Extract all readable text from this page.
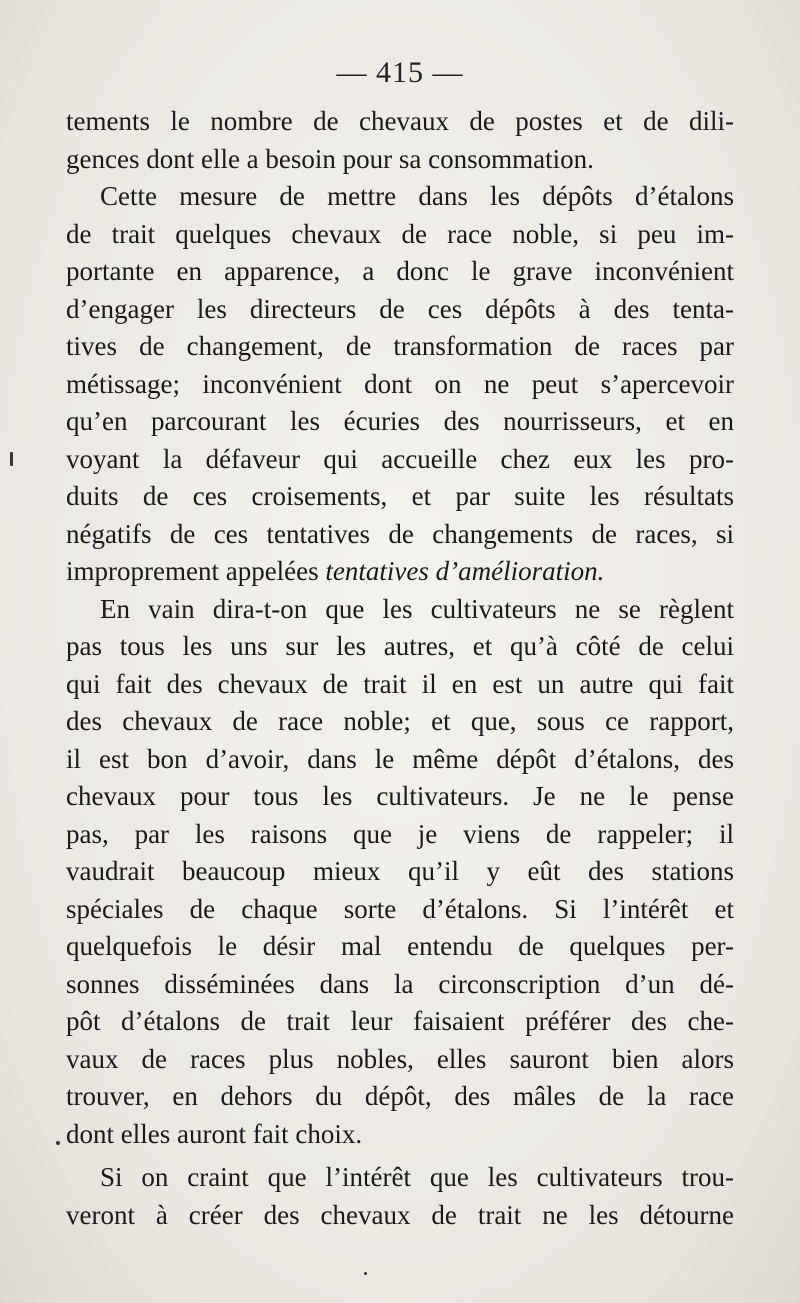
— 415 —
tements le nombre de chevaux de postes et de dili-
gences dont elle a besoin pour sa consommation.
Cette mesure de mettre dans les dépôts d’étalons
de trait quelques chevaux de race noble, si peu im-
portante en apparence, a donc le grave inconvénient
d’engager les directeurs de ces dépôts à des tenta-
tives de changement, de transformation de races par
métissage; inconvénient dont on ne peut s’apercevoir
qu’en parcourant les écuries des nourrisseurs, et en
voyant la défaveur qui accueille chez eux les pro-
duits de ces croisements, et par suite les résultats
négatifs de ces tentatives de changements de races, si
improprement appelées tentatives d’amélioration.
En vain dira-t-on que les cultivateurs ne se règlent
pas tous les uns sur les autres, et qu’à côté de celui
qui fait des chevaux de trait il en est un autre qui fait
des chevaux de race noble; et que, sous ce rapport,
il est bon d’avoir, dans le même dépôt d’étalons, des
chevaux pour tous les cultivateurs. Je ne le pense
pas, par les raisons que je viens de rappeler; il
vaudrait beaucoup mieux qu’il y eût des stations
spéciales de chaque sorte d’étalons. Si l’intérêt et
quelquefois le désir mal entendu de quelques per-
sonnes disséminées dans la circonscription d’un dé-
pôt d’étalons de trait leur faisaient préférer des che-
vaux de races plus nobles, elles sauront bien alors
trouver, en dehors du dépôt, des mâles de la race
dont elles auront fait choix.
Si on craint que l’intérêt que les cultivateurs trou-
veront à créer des chevaux de trait ne les détourne
